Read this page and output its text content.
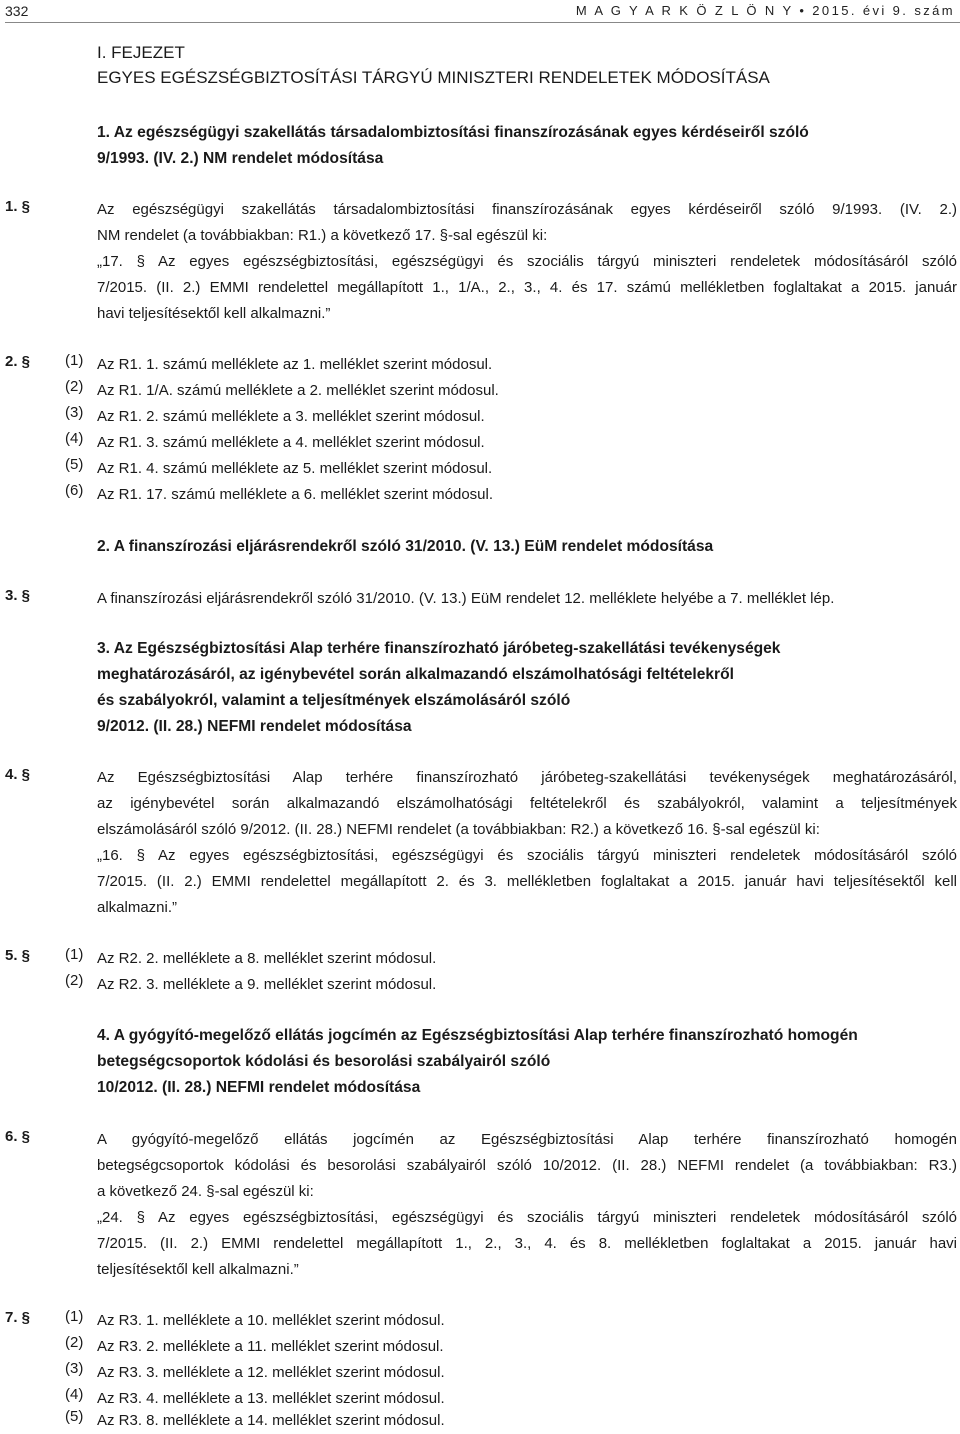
332	M A G Y A R K Ö Z L Ö N Y • 2015. évi 9. szám
I. FEJEZET
EGYES EGÉSZSÉGBIZTOSÍTÁSI TÁRGYÚ MINISZTERI RENDELETEK MÓDOSÍTÁSA
1. Az egészségügyi szakellátás társadalombiztosítási finanszírozásának egyes kérdéseiről szóló
9/1993. (IV. 2.) NM rendelet módosítása
1. §	Az egészségügyi szakellátás társadalombiztosítási finanszírozásának egyes kérdéseiről szóló 9/1993. (IV. 2.)
NM rendelet (a továbbiakban: R1.) a következő 17. §-sal egészül ki:
„17. § Az egyes egészségbiztosítási, egészségügyi és szociális tárgyú miniszteri rendeletek módosításáról szóló
7/2015. (II. 2.) EMMI rendelettel megállapított 1., 1/A., 2., 3., 4. és 17. számú mellékletben foglaltakat a 2015. január
havi teljesítésektől kell alkalmazni.”
2. §	(1) Az R1. 1. számú melléklete az 1. melléklet szerint módosul.
(2) Az R1. 1/A. számú melléklete a 2. melléklet szerint módosul.
(3) Az R1. 2. számú melléklete a 3. melléklet szerint módosul.
(4) Az R1. 3. számú melléklete a 4. melléklet szerint módosul.
(5) Az R1. 4. számú melléklete az 5. melléklet szerint módosul.
(6) Az R1. 17. számú melléklete a 6. melléklet szerint módosul.
2. A finanszírozási eljárásrendekről szóló 31/2010. (V. 13.) EüM rendelet módosítása
3. §	A finanszírozási eljárásrendekről szóló 31/2010. (V. 13.) EüM rendelet 12. melléklete helyébe a 7. melléklet lép.
3. Az Egészségbiztosítási Alap terhére finanszírozható járóbeteg-szakellátási tevékenységek
meghatározásáról, az igénybevétel során alkalmazandó elszámolhatósági feltételekről
és szabályokról, valamint a teljesítmények elszámolásáról szóló
9/2012. (II. 28.) NEFMI rendelet módosítása
4. §	Az Egészségbiztosítási Alap terhére finanszírozható járóbeteg-szakellátási tevékenységek meghatározásáról,
az igénybevétel során alkalmazandó elszámolhatósági feltételekről és szabályokról, valamint a teljesítmények
elszámolásáról szóló 9/2012. (II. 28.) NEFMI rendelet (a továbbiakban: R2.) a következő 16. §-sal egészül ki:
„16. § Az egyes egészségbiztosítási, egészségügyi és szociális tárgyú miniszteri rendeletek módosításáról szóló
7/2015. (II. 2.) EMMI rendelettel megállapított 2. és 3. mellékletben foglaltakat a 2015. január havi teljesítésektől kell
alkalmazni.”
5. §	(1) Az R2. 2. melléklete a 8. melléklet szerint módosul.
(2) Az R2. 3. melléklete a 9. melléklet szerint módosul.
4. A gyógyító-megelőző ellátás jogcímén az Egészségbiztosítási Alap terhére finanszírozható homogén
betegségcsoportok kódolási és besorolási szabályairól szóló
10/2012. (II. 28.) NEFMI rendelet módosítása
6. §	A gyógyító-megelőző ellátás jogcímén az Egészségbiztosítási Alap terhére finanszírozható homogén
betegségcsoportok kódolási és besorolási szabályairól szóló 10/2012. (II. 28.) NEFMI rendelet (a továbbiakban: R3.)
a következő 24. §-sal egészül ki:
„24. § Az egyes egészségbiztosítási, egészségügyi és szociális tárgyú miniszteri rendeletek módosításáról szóló
7/2015. (II. 2.) EMMI rendelettel megállapított 1., 2., 3., 4. és 8. mellékletben foglaltakat a 2015. január havi
teljesítésektől kell alkalmazni.”
7. §	(1) Az R3. 1. melléklete a 10. melléklet szerint módosul.
(2) Az R3. 2. melléklete a 11. melléklet szerint módosul.
(3) Az R3. 3. melléklete a 12. melléklet szerint módosul.
(4) Az R3. 4. melléklete a 13. melléklet szerint módosul.
(5) Az R3. 8. melléklete a 14. melléklet szerint módosul.
